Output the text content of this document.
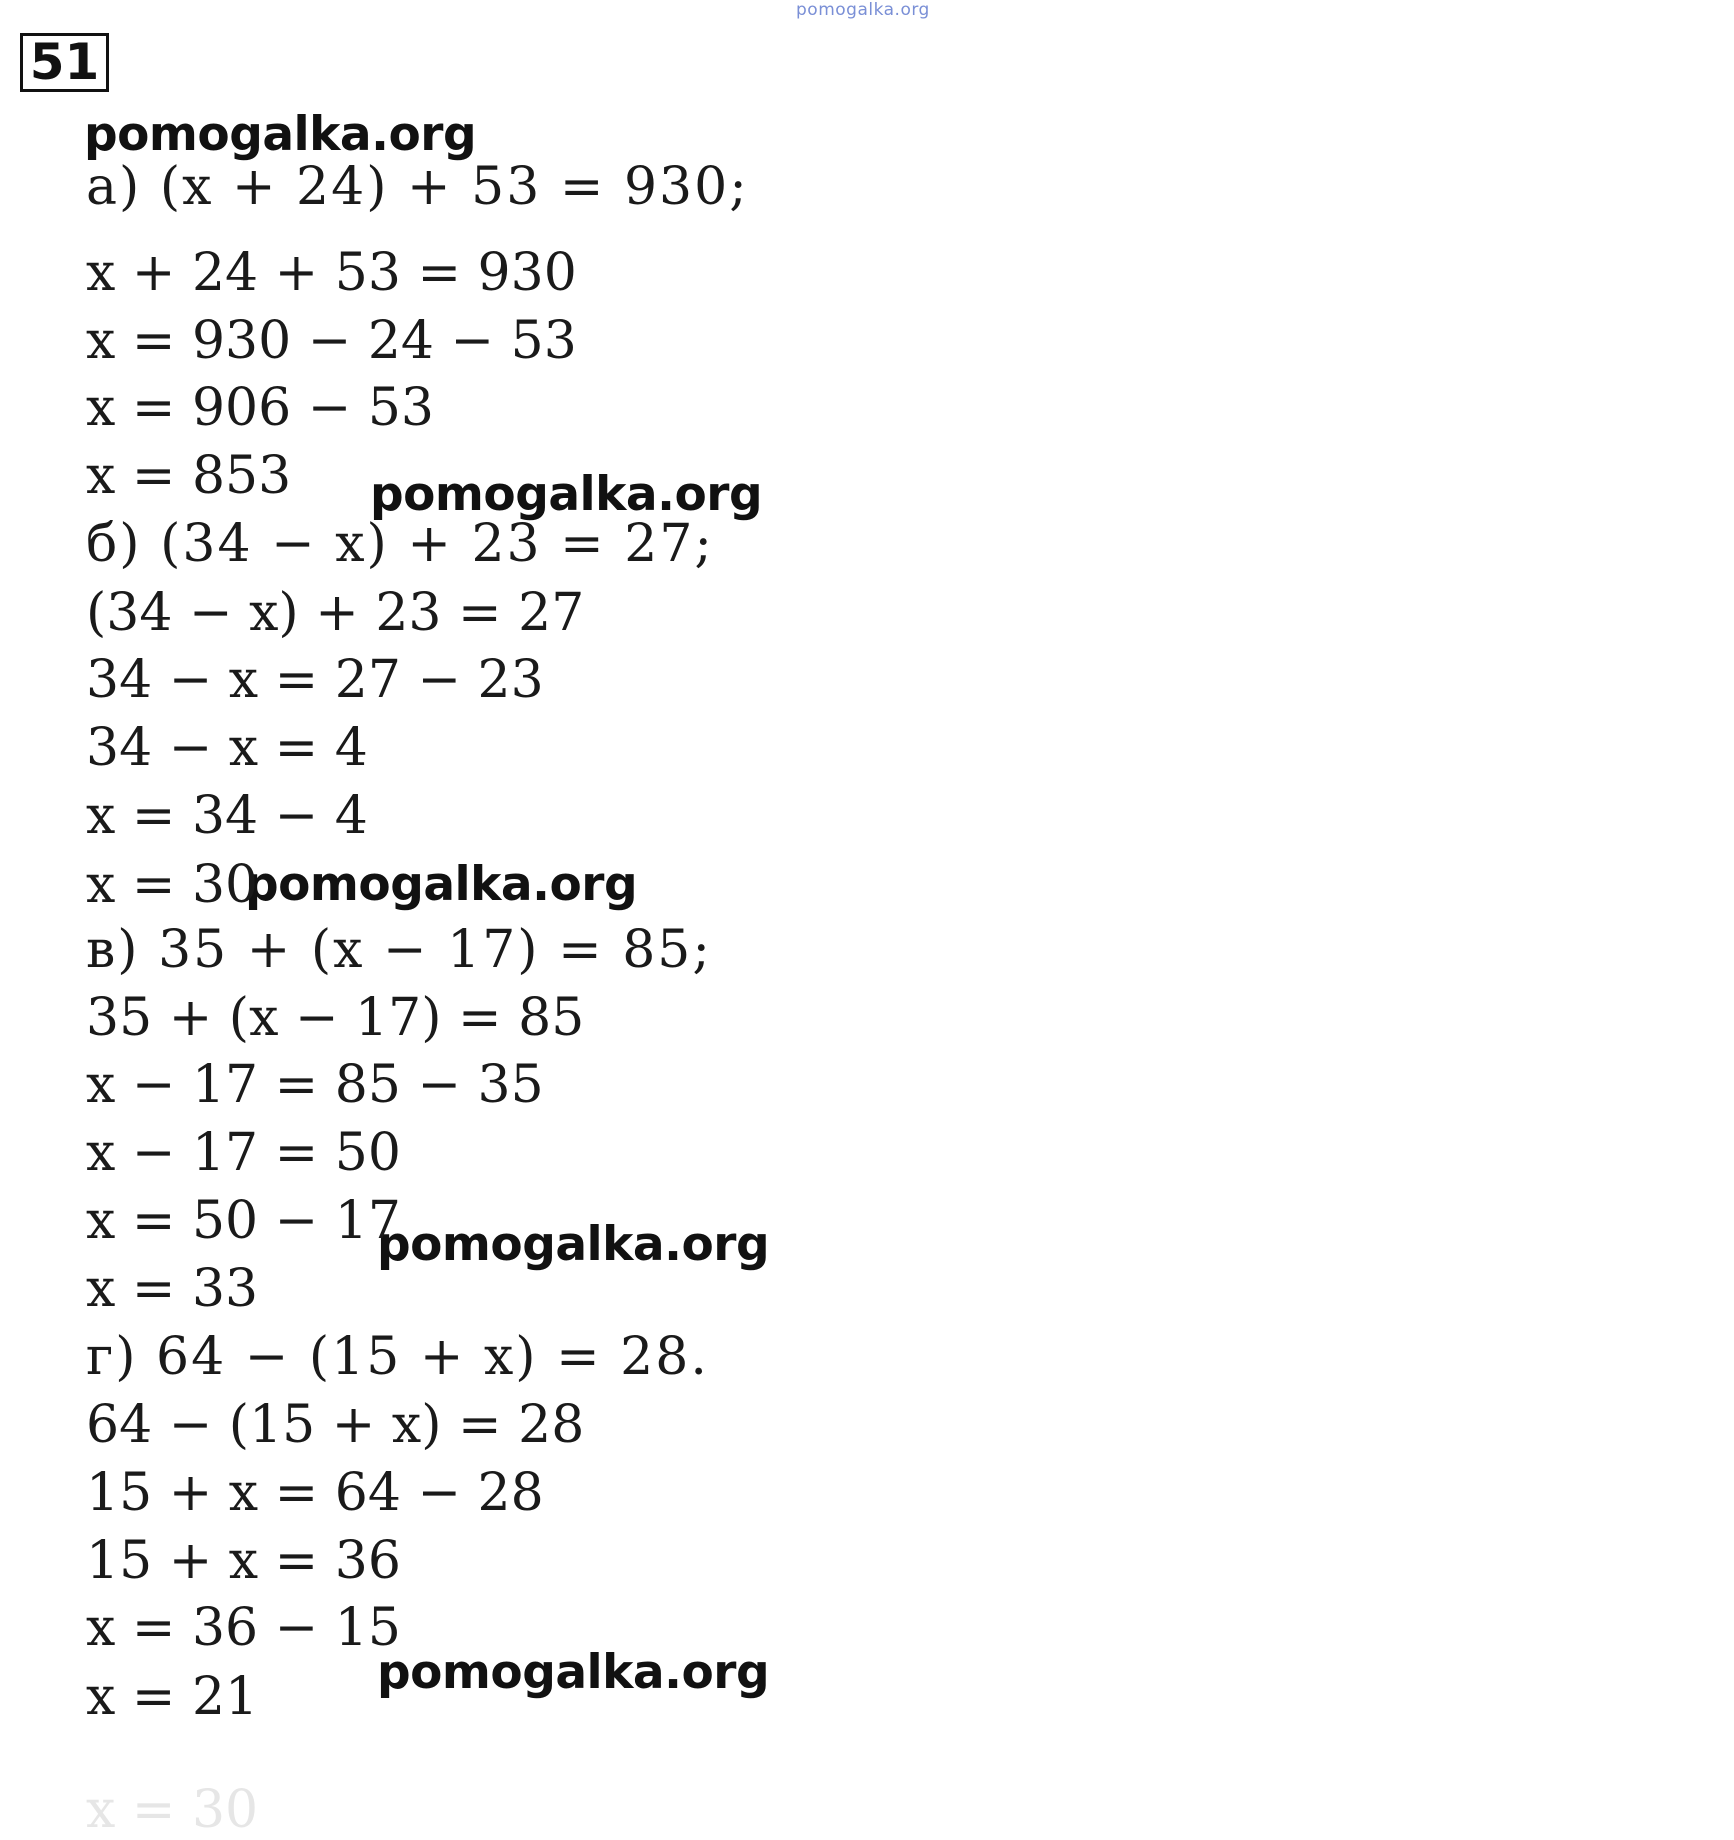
pomogalka.org
51
pomogalka.org
pomogalka.org
pomogalka.org
pomogalka.org
pomogalka.org
а) (x + 24) + 53 = 930;
x + 24 + 53 = 930
x = 930 − 24 − 53
x = 906 − 53
x = 853
б) (34 − x) + 23 = 27;
(34 − x) + 23 = 27
34 − x = 27 − 23
34 − x = 4
x = 34 − 4
x = 30
в) 35 + (x − 17) = 85;
35 + (x − 17) = 85
x − 17 = 85 − 35
x − 17 = 50
x = 50 − 17
x = 33
г) 64 − (15 + x) = 28.
64 − (15 + x) = 28
15 + x = 64 − 28
15 + x = 36
x = 36 − 15
x = 21
x = 30
